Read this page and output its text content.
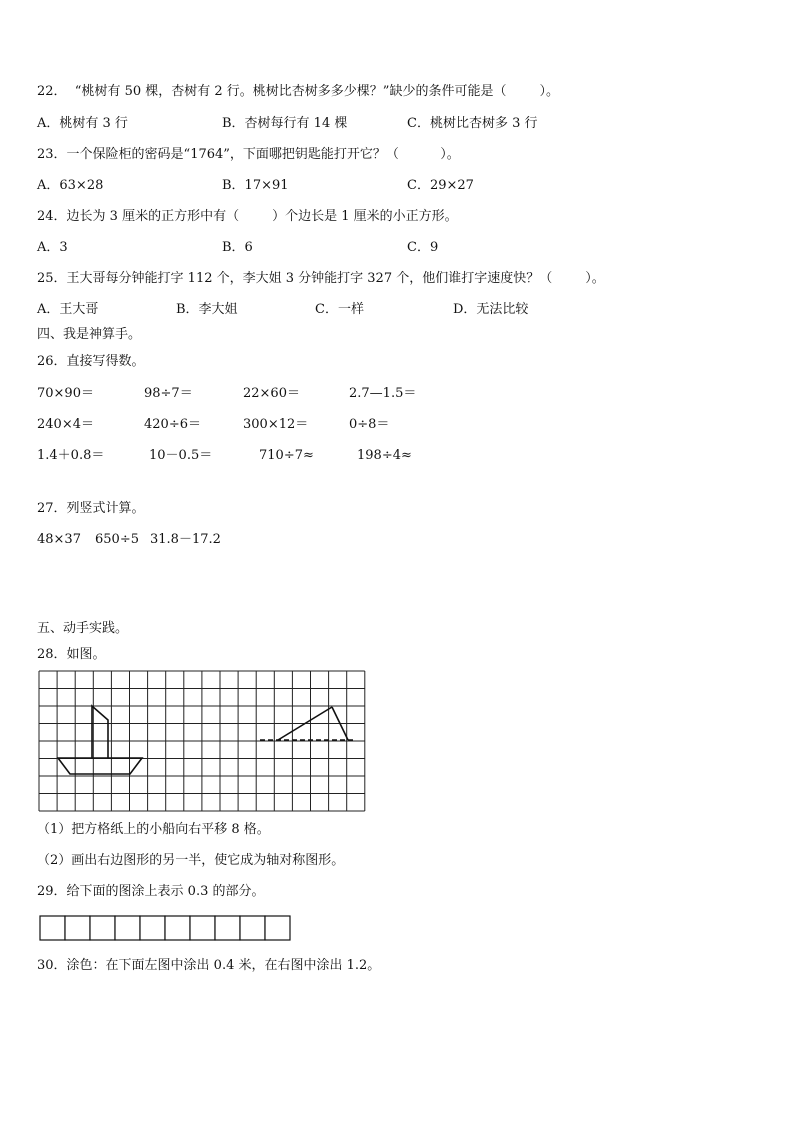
22．  “桃树有 50 棵，杏树有 2 行。桃树比杏树多多少棵？”缺少的条件可能是（        ）。
A．桃树有 3 行	B．杏树每行有 14 棵	C．桃树比杏树多 3 行
23．一个保险柜的密码是“1764”，下面哪把钥匙能打开它？（          ）。
A．63×28	B．17×91	C．29×27
24．边长为 3 厘米的正方形中有（        ）个边长是 1 厘米的小正方形。
A．3	B．6	C．9
25．王大哥每分钟能打字 112 个，李大姐 3 分钟能打字 327 个，他们谁打字速度快？（        ）。
A．王大哥	B．李大姐	C．一样	D．无法比较
四、我是神算手。
26．直接写得数。
70×90＝	98÷7＝	22×60＝	2.7—1.5＝
240×4＝	420÷6＝	300×12＝	0÷8＝
1.4＋0.8＝	10－0.5＝	710÷7≈	198÷4≈
27．列竖式计算。
48×37 650÷5 31.8－17.2
五、动手实践。
28．如图。
（1）把方格纸上的小船向右平移 8 格。
（2）画出右边图形的另一半，使它成为轴对称图形。
29．给下面的图涂上表示 0.3 的部分。
30．涂色：在下面左图中涂出 0.4 米，在右图中涂出 1.2。
